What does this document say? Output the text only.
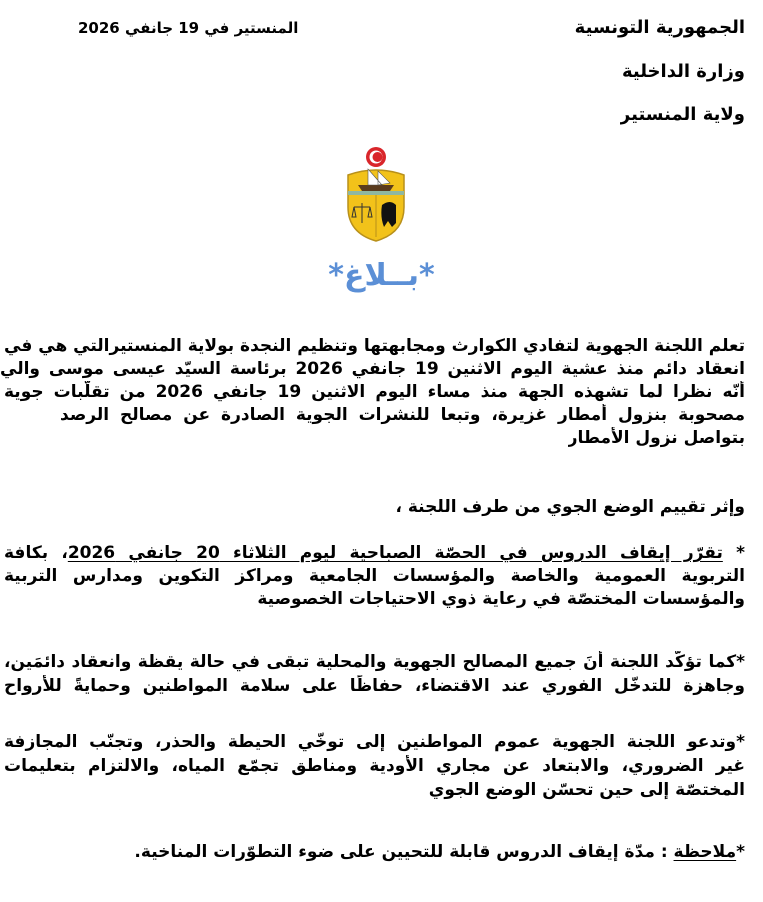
الجمهورية التونسية
وزارة الداخلية
ولاية المنستير
المنستير في 19 جانفي 2026
*بــلاغ*
تعلم اللجنة الجهوية لتفادي الكوارث ومجابهتها وتنظيم النجدة بولاية المنستيرالتي هي في
انعقاد دائم منذ عشية اليوم الاثنين 19 جانفي 2026 برئاسة السيّد عيسى موسى والي
أنّه نظرا لما تشهذه الجهة منذ مساء اليوم الاثنين 19 جانفي 2026 من تقلّبات جوية
مصحوبة بنزول أمطار غزيرة، وتبعا للنشرات الجوية الصادرة عن مصالح الرصد
بتواصل نزول الأمطار
وإثر تقييم الوضع الجوي من طرف اللجنة ،
* تقرّر إيقاف الدروس في الحصّة الصباحية ليوم الثلاثاء 20 جانفي 2026، بكافة
التربوية العمومية والخاصة والمؤسسات الجامعية ومراكز التكوين ومدارس التربية
والمؤسسات المختصّة في رعاية ذوي الاحتياجات الخصوصية
*كما تؤكّد اللجنة أنَ جميع المصالح الجهوية والمحلية تبقى في حالة يقظة وانعقاد دائمَين،
وجاهزة للتدخّل الفوري عند الاقتضاء، حفاظًا على سلامة المواطنين وحمايةً للأرواح
*وتدعو اللجنة الجهوية عموم المواطنين إلى توخّي الحيطة والحذر، وتجنّب المجازفة
غير الضروري، والابتعاد عن مجاري الأودية ومناطق تجمّع المياه، والالتزام بتعليمات
المختصّة إلى حين تحسّن الوضع الجوي
*ملاحظة : مدّة إيقاف الدروس قابلة للتحيين على ضوء التطوّرات المناخية.
